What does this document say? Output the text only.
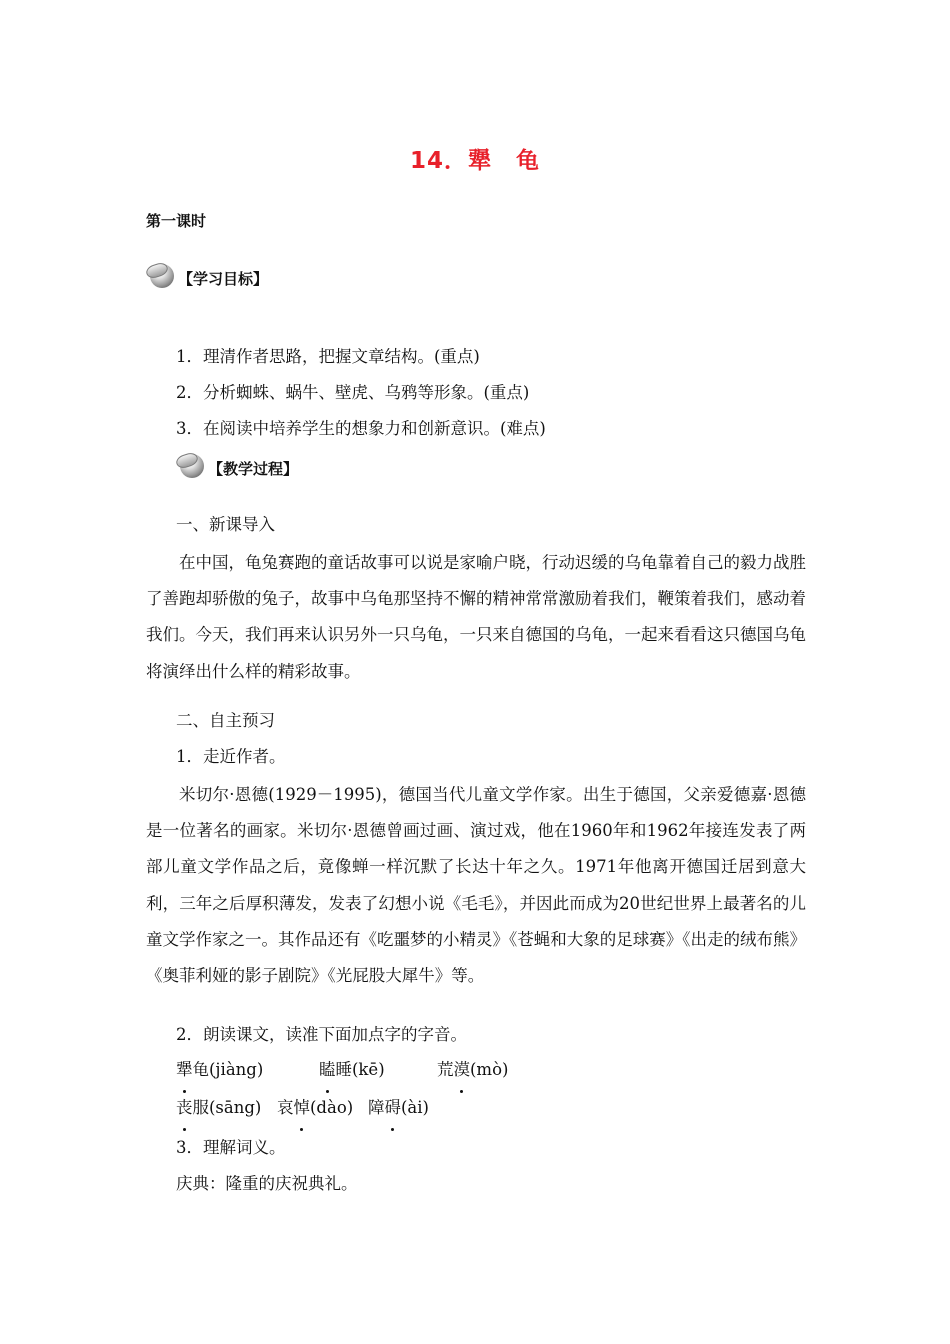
14．犟　龟
第一课时
【学习目标】
1．理清作者思路，把握文章结构。(重点)
2．分析蜘蛛、蜗牛、壁虎、乌鸦等形象。(重点)
3．在阅读中培养学生的想象力和创新意识。(难点)
【教学过程】
一、新课导入
在中国，龟兔赛跑的童话故事可以说是家喻户晓，行动迟缓的乌龟靠着自己的毅力战胜了善跑却骄傲的兔子，故事中乌龟那坚持不懈的精神常常激励着我们，鞭策着我们，感动着我们。今天，我们再来认识另外一只乌龟，一只来自德国的乌龟，一起来看看这只德国乌龟将演绎出什么样的精彩故事。
二、自主预习
1．走近作者。
米切尔·恩德(1929－1995)，德国当代儿童文学作家。出生于德国，父亲爱德嘉·恩德是一位著名的画家。米切尔·恩德曾画过画、演过戏，他在1960年和1962年接连发表了两部儿童文学作品之后，竟像蝉一样沉默了长达十年之久。1971年他离开德国迁居到意大利，三年之后厚积薄发，发表了幻想小说《毛毛》，并因此而成为20世纪世界上最著名的儿童文学作家之一。其作品还有《吃噩梦的小精灵》《苍蝇和大象的足球赛》《出走的绒布熊》《奥菲利娅的影子剧院》《光屁股大犀牛》等。
2．朗读课文，读准下面加点字的字音。
犟龟(jiàng)	瞌睡(kē)	荒漠(mò)
丧服(sāng) 哀悼(dào) 障碍(ài)
3．理解词义。
庆典：隆重的庆祝典礼。
